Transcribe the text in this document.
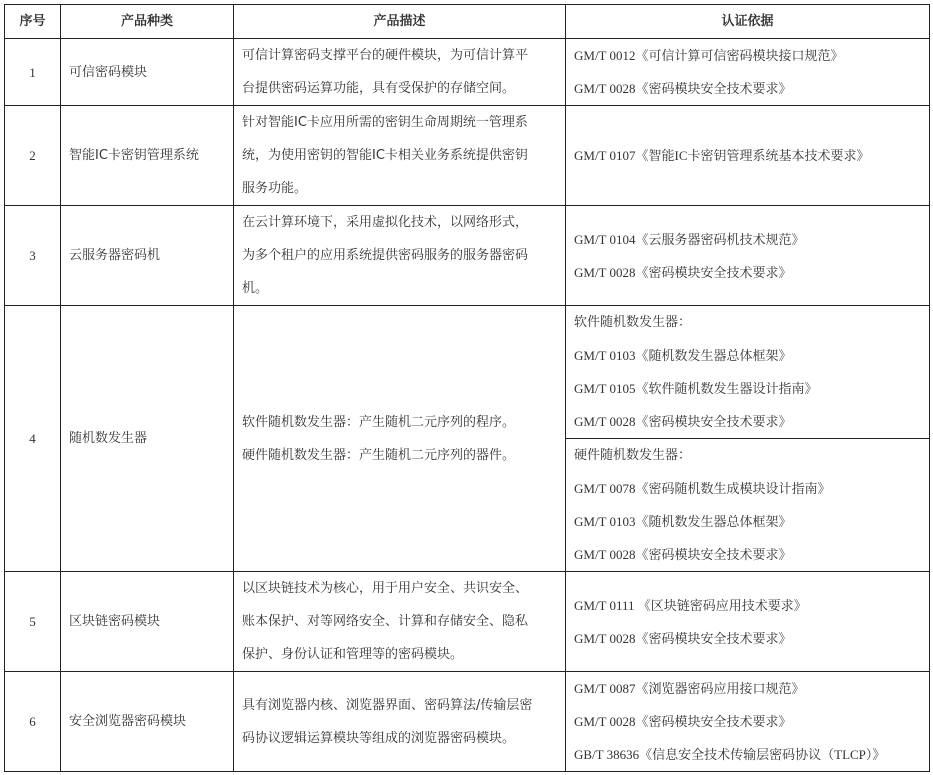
序号	产品种类	产品描述	认证依据
1	可信密码模块	可信计算密码支撑平台的硬件模块，为可信计算平
台提供密码运算功能，具有受保护的存储空间。	GM/T 0012《可信计算可信密码模块接口规范》
GM/T 0028《密码模块安全技术要求》

2	智能IC卡密钥管理系统	针对智能IC卡应用所需的密钥生命周期统一管理系
统，为使用密钥的智能IC卡相关业务系统提供密钥
服务功能。	GM/T 0107《智能IC卡密钥管理系统基本技术要求》

3	云服务器密码机	在云计算环境下，采用虚拟化技术，以网络形式，
为多个租户的应用系统提供密码服务的服务器密码
机。	GM/T 0104《云服务器密码机技术规范》
GM/T 0028《密码模块安全技术要求》

4	随机数发生器	软件随机数发生器：产生随机二元序列的程序。
硬件随机数发生器：产生随机二元序列的器件。	软件随机数发生器：
GM/T 0103《随机数发生器总体框架》
GM/T 0105《软件随机数发生器设计指南》
GM/T 0028《密码模块安全技术要求》

			硬件随机数发生器：
GM/T 0078《密码随机数生成模块设计指南》
GM/T 0103《随机数发生器总体框架》
GM/T 0028《密码模块安全技术要求》

5	区块链密码模块	以区块链技术为核心，用于用户安全、共识安全、
账本保护、对等网络安全、计算和存储安全、隐私
保护、身份认证和管理等的密码模块。	GM/T 0111 《区块链密码应用技术要求》
GM/T 0028《密码模块安全技术要求》

6	安全浏览器密码模块	具有浏览器内核、浏览器界面、密码算法/传输层密
码协议逻辑运算模块等组成的浏览器密码模块。	GM/T 0087《浏览器密码应用接口规范》
GM/T 0028《密码模块安全技术要求》
GB/T 38636《信息安全技术传输层密码协议（TLCP）》
